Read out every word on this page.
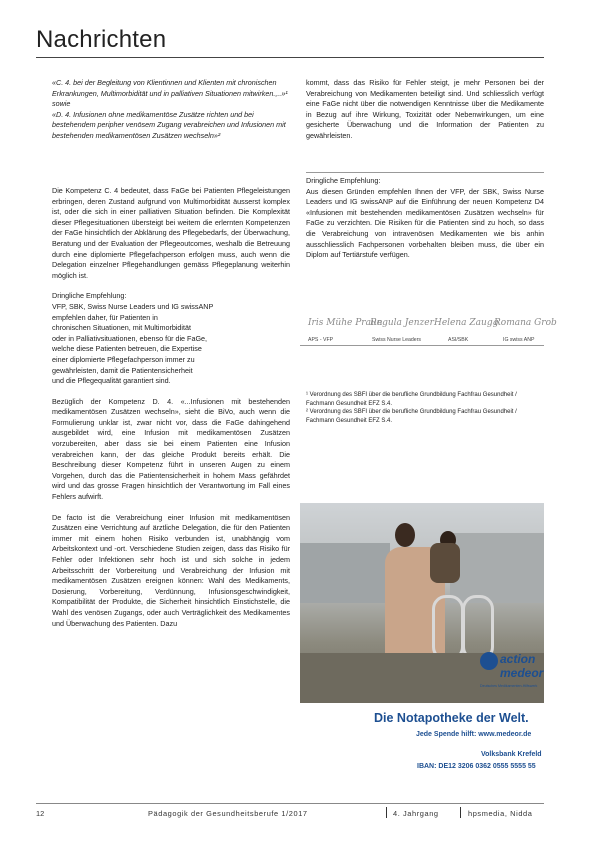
Nachrichten

«C. 4. bei der Begleitung von Klientinnen und Klienten mit chronischen Erkrankungen, Multimorbidität und in palliativen Situationen mitwirken.,..»¹ sowie

«D. 4. Infusionen ohne medikamentöse Zusätze richten und bei bestehendem peripher venösem Zugang verabreichen und Infusionen mit bestehenden medikamentösen Zusätzen wechseln»²

Die Kompetenz C. 4 bedeutet, dass FaGe bei Patienten Pflegeleistungen erbringen, deren Zustand aufgrund von Multimorbidität äusserst komplex ist, oder die sich in einer palliativen Situation befinden. Die Komplexität dieser Pflegesituationen übersteigt bei weitem die erlernten Kompetenzen der FaGe hinsichtlich der Abklärung des Pflegebedarfs, der Überwachung, Beratung und der Evaluation der Pflegeoutcomes, weshalb die Betreuung durch eine diplomierte Pflegefachperson erfolgen muss, auch wenn die Delegation einzelner Pflegehandlungen gemäss Pflegeplanung weiterhin möglich ist.

Dringliche Empfehlung:
VFP, SBK, Swiss Nurse Leaders und IG swissANP
empfehlen daher, für Patienten in
chronischen Situationen, mit Multimorbidität
oder in Palliativsituationen, ebenso für die FaGe,
welche diese Patienten betreuen, die Expertise
einer diplomierte Pflegefachperson immer zu
gewährleisten, damit die Patientensicherheit
und die Pflegequalität garantiert sind.

Bezüglich der Kompetenz D. 4. «...Infusionen mit bestehenden medikamentösen Zusätzen wechseln», sieht die BiVo, auch wenn die Formulierung unklar ist, zwar nicht vor, dass die FaGe dahingehend ausgebildet wird, eine Infusion mit medikamentösen Zusätzen vorzubereiten, aber dass sie bei einem Patienten eine Infusion verabreichen kann, der das gleiche Produkt bereits erhält. Die Beschreibung dieser Kompetenz führt in unseren Augen zu einem Vorgehen, durch das die Patientensicherheit in hohem Mass gefährdet wird und das grosse Fragen hinsichtlich der Verantwortung im Fall eines Fehlers aufwirft.

De facto ist die Verabreichung einer Infusion mit medikamentösen Zusätzen eine Verrichtung auf ärztliche Delegation, die für den Patienten immer mit einem hohen Risiko verbunden ist, unabhängig vom Arbeitskontext und -ort. Verschiedene Studien zeigen, dass das Risiko für Fehler oder Infektionen sehr hoch ist und sich solche in jedem Arbeitsschritt der Vorbereitung und Verabreichung der Infusion mit medikamentösen Zusätzen ereignen können: Wahl des Medikaments, Dosierung, Vorbereitung, Verdünnung, Infusionsgeschwindigkeit, Kompatibilität der Produkte, die Sicherheit hinsichtlich Einstichstelle, die Wahl des venösen Zugangs, oder auch Verträglichkeit des Medikamentes und Überwachung des Patienten. Dazu

kommt, dass das Risiko für Fehler steigt, je mehr Personen bei der Verabreichung von Medikamenten beteiligt sind. Und schliesslich verfügt eine FaGe nicht über die notwendigen Kenntnisse über die Medikamente in Bezug auf ihre Wirkung, Toxizität oder Nebenwirkungen, um eine gesicherte Überwachung und die Information der Patienten zu gewährleisten.

Dringliche Empfehlung:
Aus diesen Gründen empfehlen Ihnen der VFP, der SBK, Swiss Nurse Leaders und IG swissANP auf die Einführung der neuen Kompetenz D4 «Infusionen mit bestehenden medikamentösen Zusätzen wechseln» für FaGe zu verzichten. Die Risiken für die Patienten sind zu hoch, so dass die Verabreichung von intravenösen Medikamenten wie bis anhin ausschliesslich Fachpersonen vorbehalten bleiben muss, die über ein Diplom auf Tertiärstufe verfügen.
Iris Mühe Praun
Regula Jenzer Helena Zaugg
Romana Grob
APS - VFP	Swiss Nurse Leaders	ASI/SBK	IG swiss ANP
¹ Verordnung des SBFI über die berufliche Grundbildung Fachfrau Gesundheit / Fachmann Gesundheit EFZ S.4.
² Verordnung des SBFI über die berufliche Grundbildung Fachfrau Gesundheit / Fachmann Gesundheit EFZ S.4.
action
medeor
Deutsches Medikamenten-Hilfswerk
Die Notapotheke der Welt.
Jede Spende hilft: www.medeor.de
Volksbank Krefeld
IBAN: DE12 3206 0362 0555 5555 55
12	Pädagogik der Gesundheitsberufe 1/2017	4. Jahrgang	hpsmedia, Nidda
